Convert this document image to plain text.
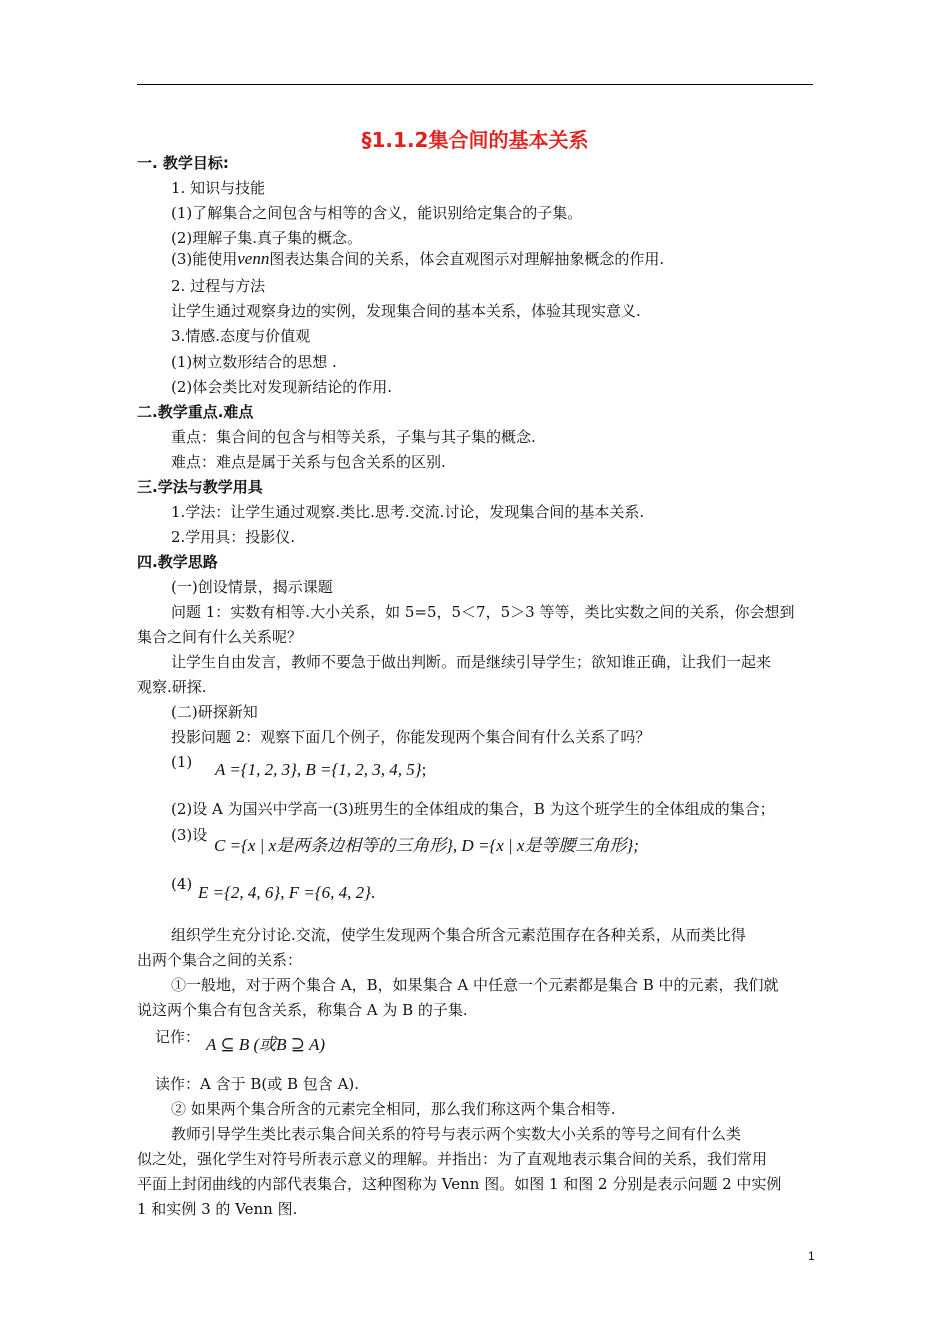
§1.1.2集合间的基本关系
一. 教学目标:
1. 知识与技能
(1)了解集合之间包含与相等的含义，能识别给定集合的子集。
(2)理解子集.真子集的概念。
(3)能使用venn图表达集合间的关系，体会直观图示对理解抽象概念的作用.
2. 过程与方法
让学生通过观察身边的实例，发现集合间的基本关系，体验其现实意义.
3.情感.态度与价值观
(1)树立数形结合的思想 .
(2)体会类比对发现新结论的作用.
二.教学重点.难点
重点：集合间的包含与相等关系，子集与其子集的概念.
难点：难点是属于关系与包含关系的区别.
三.学法与教学用具
1.学法：让学生通过观察.类比.思考.交流.讨论，发现集合间的基本关系.
2.学用具：投影仪.
四.教学思路
(一)创设情景，揭示课题
问题 1：实数有相等.大小关系，如 5=5，5＜7，5＞3 等等，类比实数之间的关系，你会想到
集合之间有什么关系呢？
让学生自由发言，教师不要急于做出判断。而是继续引导学生；欲知谁正确，让我们一起来
观察.研探.
(二)研探新知
投影问题 2：观察下面几个例子，你能发现两个集合间有什么关系了吗？
(1) A ={1, 2, 3}, B ={1, 2, 3, 4, 5};
(2)设 A 为国兴中学高一(3)班男生的全体组成的集合，B 为这个班学生的全体组成的集合；
(3)设
C ={x | x是两条边相等的三角形}, D ={x | x是等腰三角形};
(4) E ={2, 4, 6}, F ={6, 4, 2}.
组织学生充分讨论.交流，使学生发现两个集合所含元素范围存在各种关系，从而类比得
出两个集合之间的关系：
①一般地，对于两个集合 A，B，如果集合 A 中任意一个元素都是集合 B 中的元素，我们就
说这两个集合有包含关系，称集合 A 为 B 的子集.
记作： A ⊆ B (或B ⊇ A)
读作：A 含于 B(或 B 包含 A).
② 如果两个集合所含的元素完全相同，那么我们称这两个集合相等.
教师引导学生类比表示集合间关系的符号与表示两个实数大小关系的等号之间有什么类
似之处，强化学生对符号所表示意义的理解。并指出：为了直观地表示集合间的关系，我们常用
平面上封闭曲线的内部代表集合，这种图称为 Venn 图。如图 1 和图 2 分别是表示问题 2 中实例
1 和实例 3 的 Venn 图.
1
